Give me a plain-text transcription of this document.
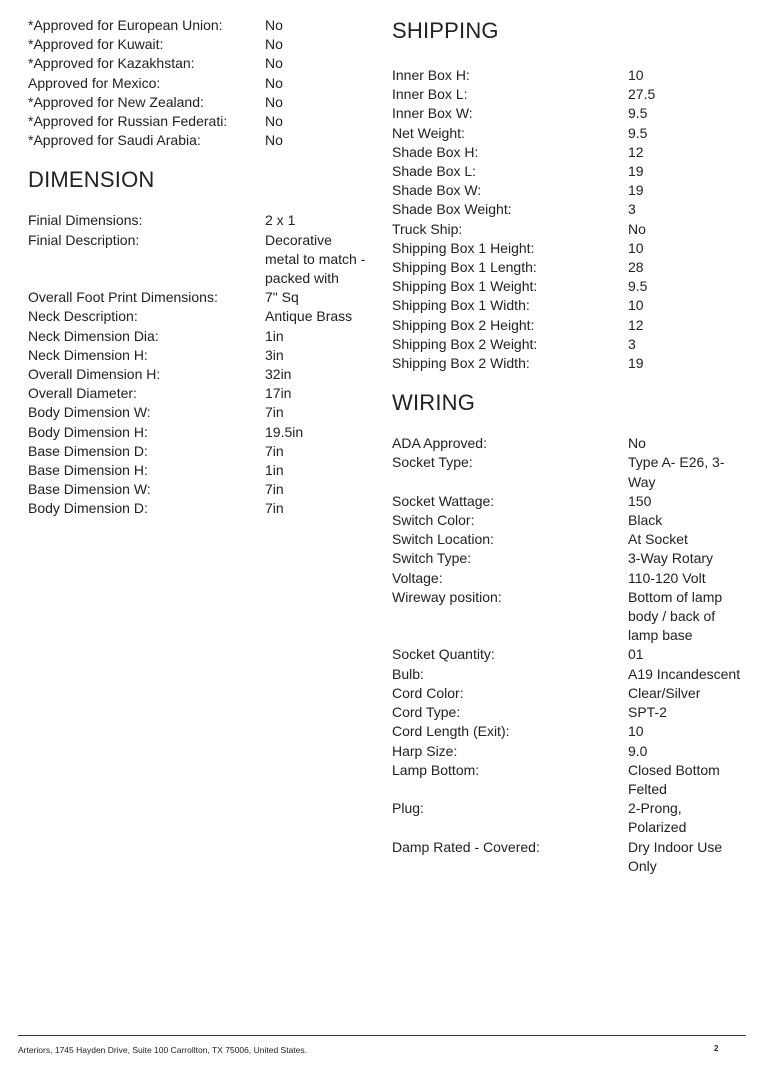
*Approved for European Union:	No
*Approved for Kuwait:	No
*Approved for Kazakhstan:	No
Approved for Mexico:	No
*Approved for New Zealand:	No
*Approved for Russian Federati:	No
*Approved for Saudi Arabia:	No
DIMENSION
Finial Dimensions:	2 x 1
Finial Description:	Decorative metal to match - packed with
Overall Foot Print Dimensions:	7" Sq
Neck Description:	Antique Brass
Neck Dimension Dia:	1in
Neck Dimension H:	3in
Overall Dimension H:	32in
Overall Diameter:	17in
Body Dimension W:	7in
Body Dimension H:	19.5in
Base Dimension D:	7in
Base Dimension H:	1in
Base Dimension W:	7in
Body Dimension D:	7in
SHIPPING
Inner Box H:	10
Inner Box L:	27.5
Inner Box W:	9.5
Net Weight:	9.5
Shade Box H:	12
Shade Box L:	19
Shade Box W:	19
Shade Box Weight:	3
Truck Ship:	No
Shipping Box 1 Height:	10
Shipping Box 1 Length:	28
Shipping Box 1 Weight:	9.5
Shipping Box 1 Width:	10
Shipping Box 2 Height:	12
Shipping Box 2 Weight:	3
Shipping Box 2 Width:	19
WIRING
ADA Approved:	No
Socket Type:	Type A- E26, 3-Way
Socket Wattage:	150
Switch Color:	Black
Switch Location:	At Socket
Switch Type:	3-Way Rotary
Voltage:	110-120 Volt
Wireway position:	Bottom of lamp body / back of lamp base
Socket Quantity:	01
Bulb:	A19 Incandescent
Cord Color:	Clear/Silver
Cord Type:	SPT-2
Cord Length (Exit):	10
Harp Size:	9.0
Lamp Bottom:	Closed Bottom Felted
Plug:	2-Prong, Polarized
Damp Rated - Covered:	Dry Indoor Use Only
Arteriors, 1745 Hayden Drive, Suite 100 Carrollton, TX 75006, United States.	2
